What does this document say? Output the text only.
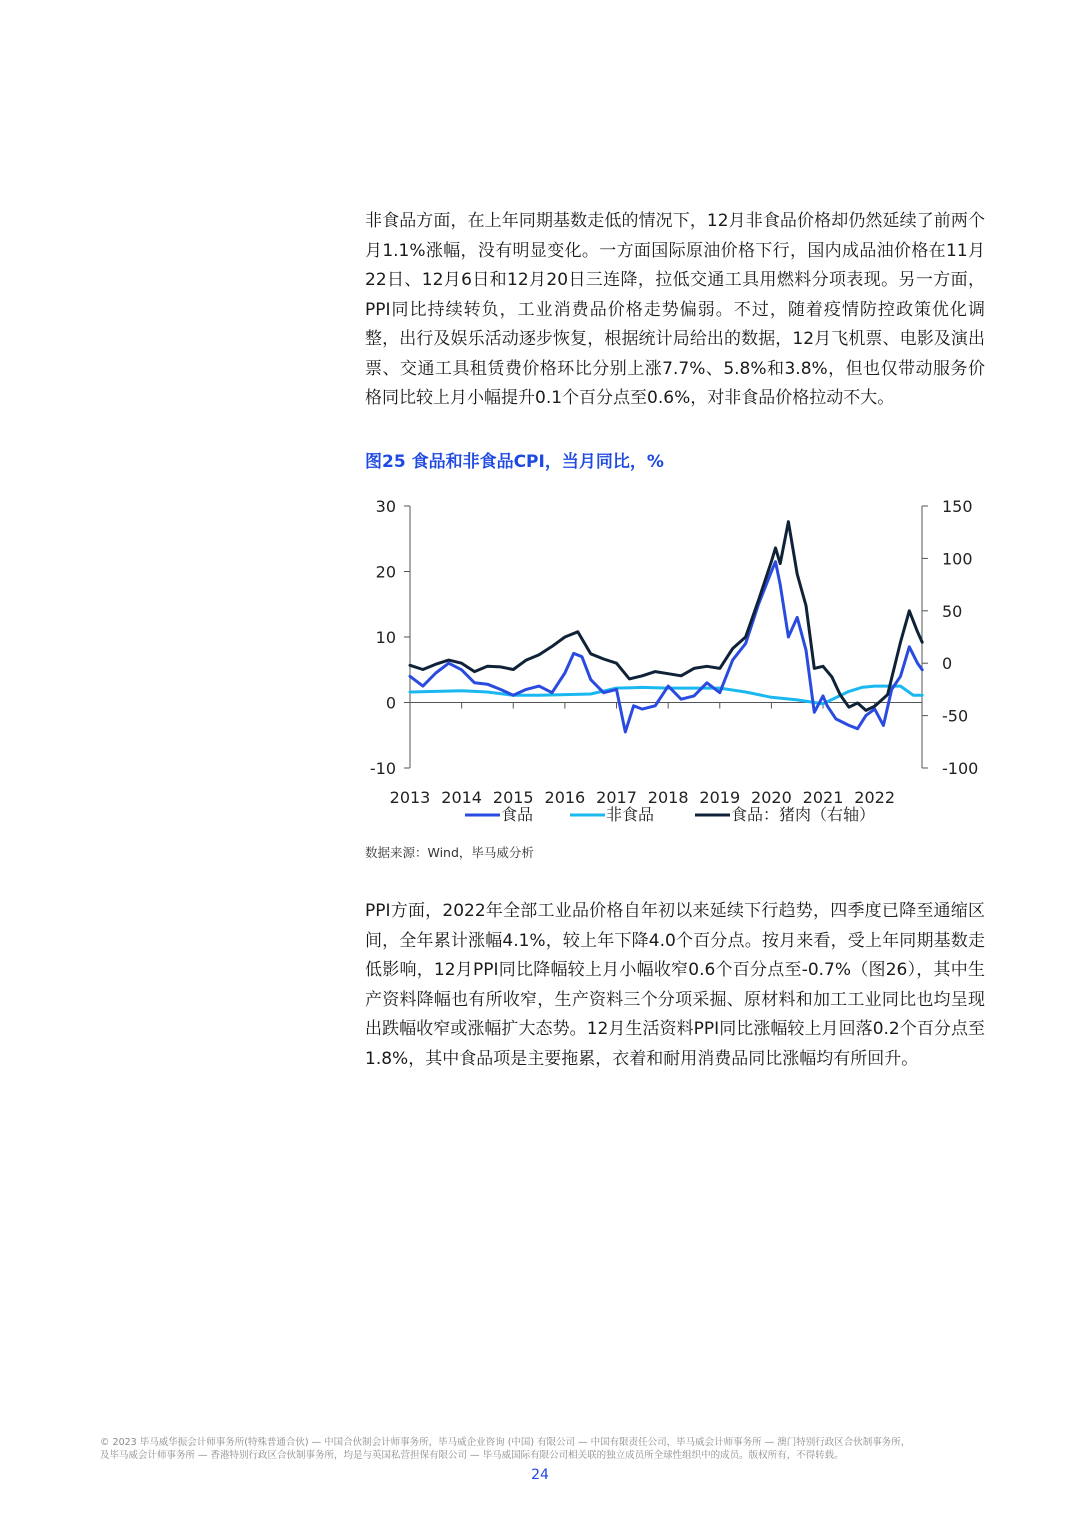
非食品方面，在上年同期基数走低的情况下，12月非食品价格却仍然延续了前两个月1.1%涨幅，没有明显变化。一方面国际原油价格下行，国内成品油价格在11月22日、12月6日和12月20日三连降，拉低交通工具用燃料分项表现。另一方面，PPI同比持续转负，工业消费品价格走势偏弱。不过，随着疫情防控政策优化调整，出行及娱乐活动逐步恢复，根据统计局给出的数据，12月飞机票、电影及演出票、交通工具租赁费价格环比分别上涨7.7%、5.8%和3.8%，但也仅带动服务价格同比较上月小幅提升0.1个百分点至0.6%，对非食品价格拉动不大。

图25 食品和非食品CPI，当月同比，%

-10
0
10
20
30
-100
-50
0
50
100
150
2013 2014 2015 2016 2017 2018 2019 2020 2021 2022
食品	非食品	食品：猪肉（右轴）
数据来源：Wind，毕马威分析

PPI方面，2022年全部工业品价格自年初以来延续下行趋势，四季度已降至通缩区间，全年累计涨幅4.1%，较上年下降4.0个百分点。按月来看，受上年同期基数走低影响，12月PPI同比降幅较上月小幅收窄0.6个百分点至-0.7%（图26），其中生产资料降幅也有所收窄，生产资料三个分项采掘、原材料和加工工业同比也均呈现出跌幅收窄或涨幅扩大态势。12月生活资料PPI同比涨幅较上月回落0.2个百分点至1.8%，其中食品项是主要拖累，衣着和耐用消费品同比涨幅均有所回升。

© 2023 毕马威华振会计师事务所(特殊普通合伙) — 中国合伙制会计师事务所，毕马威企业咨询 (中国) 有限公司 — 中国有限责任公司，毕马威会计师事务所 — 澳门特别行政区合伙制事务所，
及毕马威会计师事务所 — 香港特别行政区合伙制事务所，均是与英国私营担保有限公司 — 毕马威国际有限公司相关联的独立成员所全球性组织中的成员。版权所有，不得转载。
24
